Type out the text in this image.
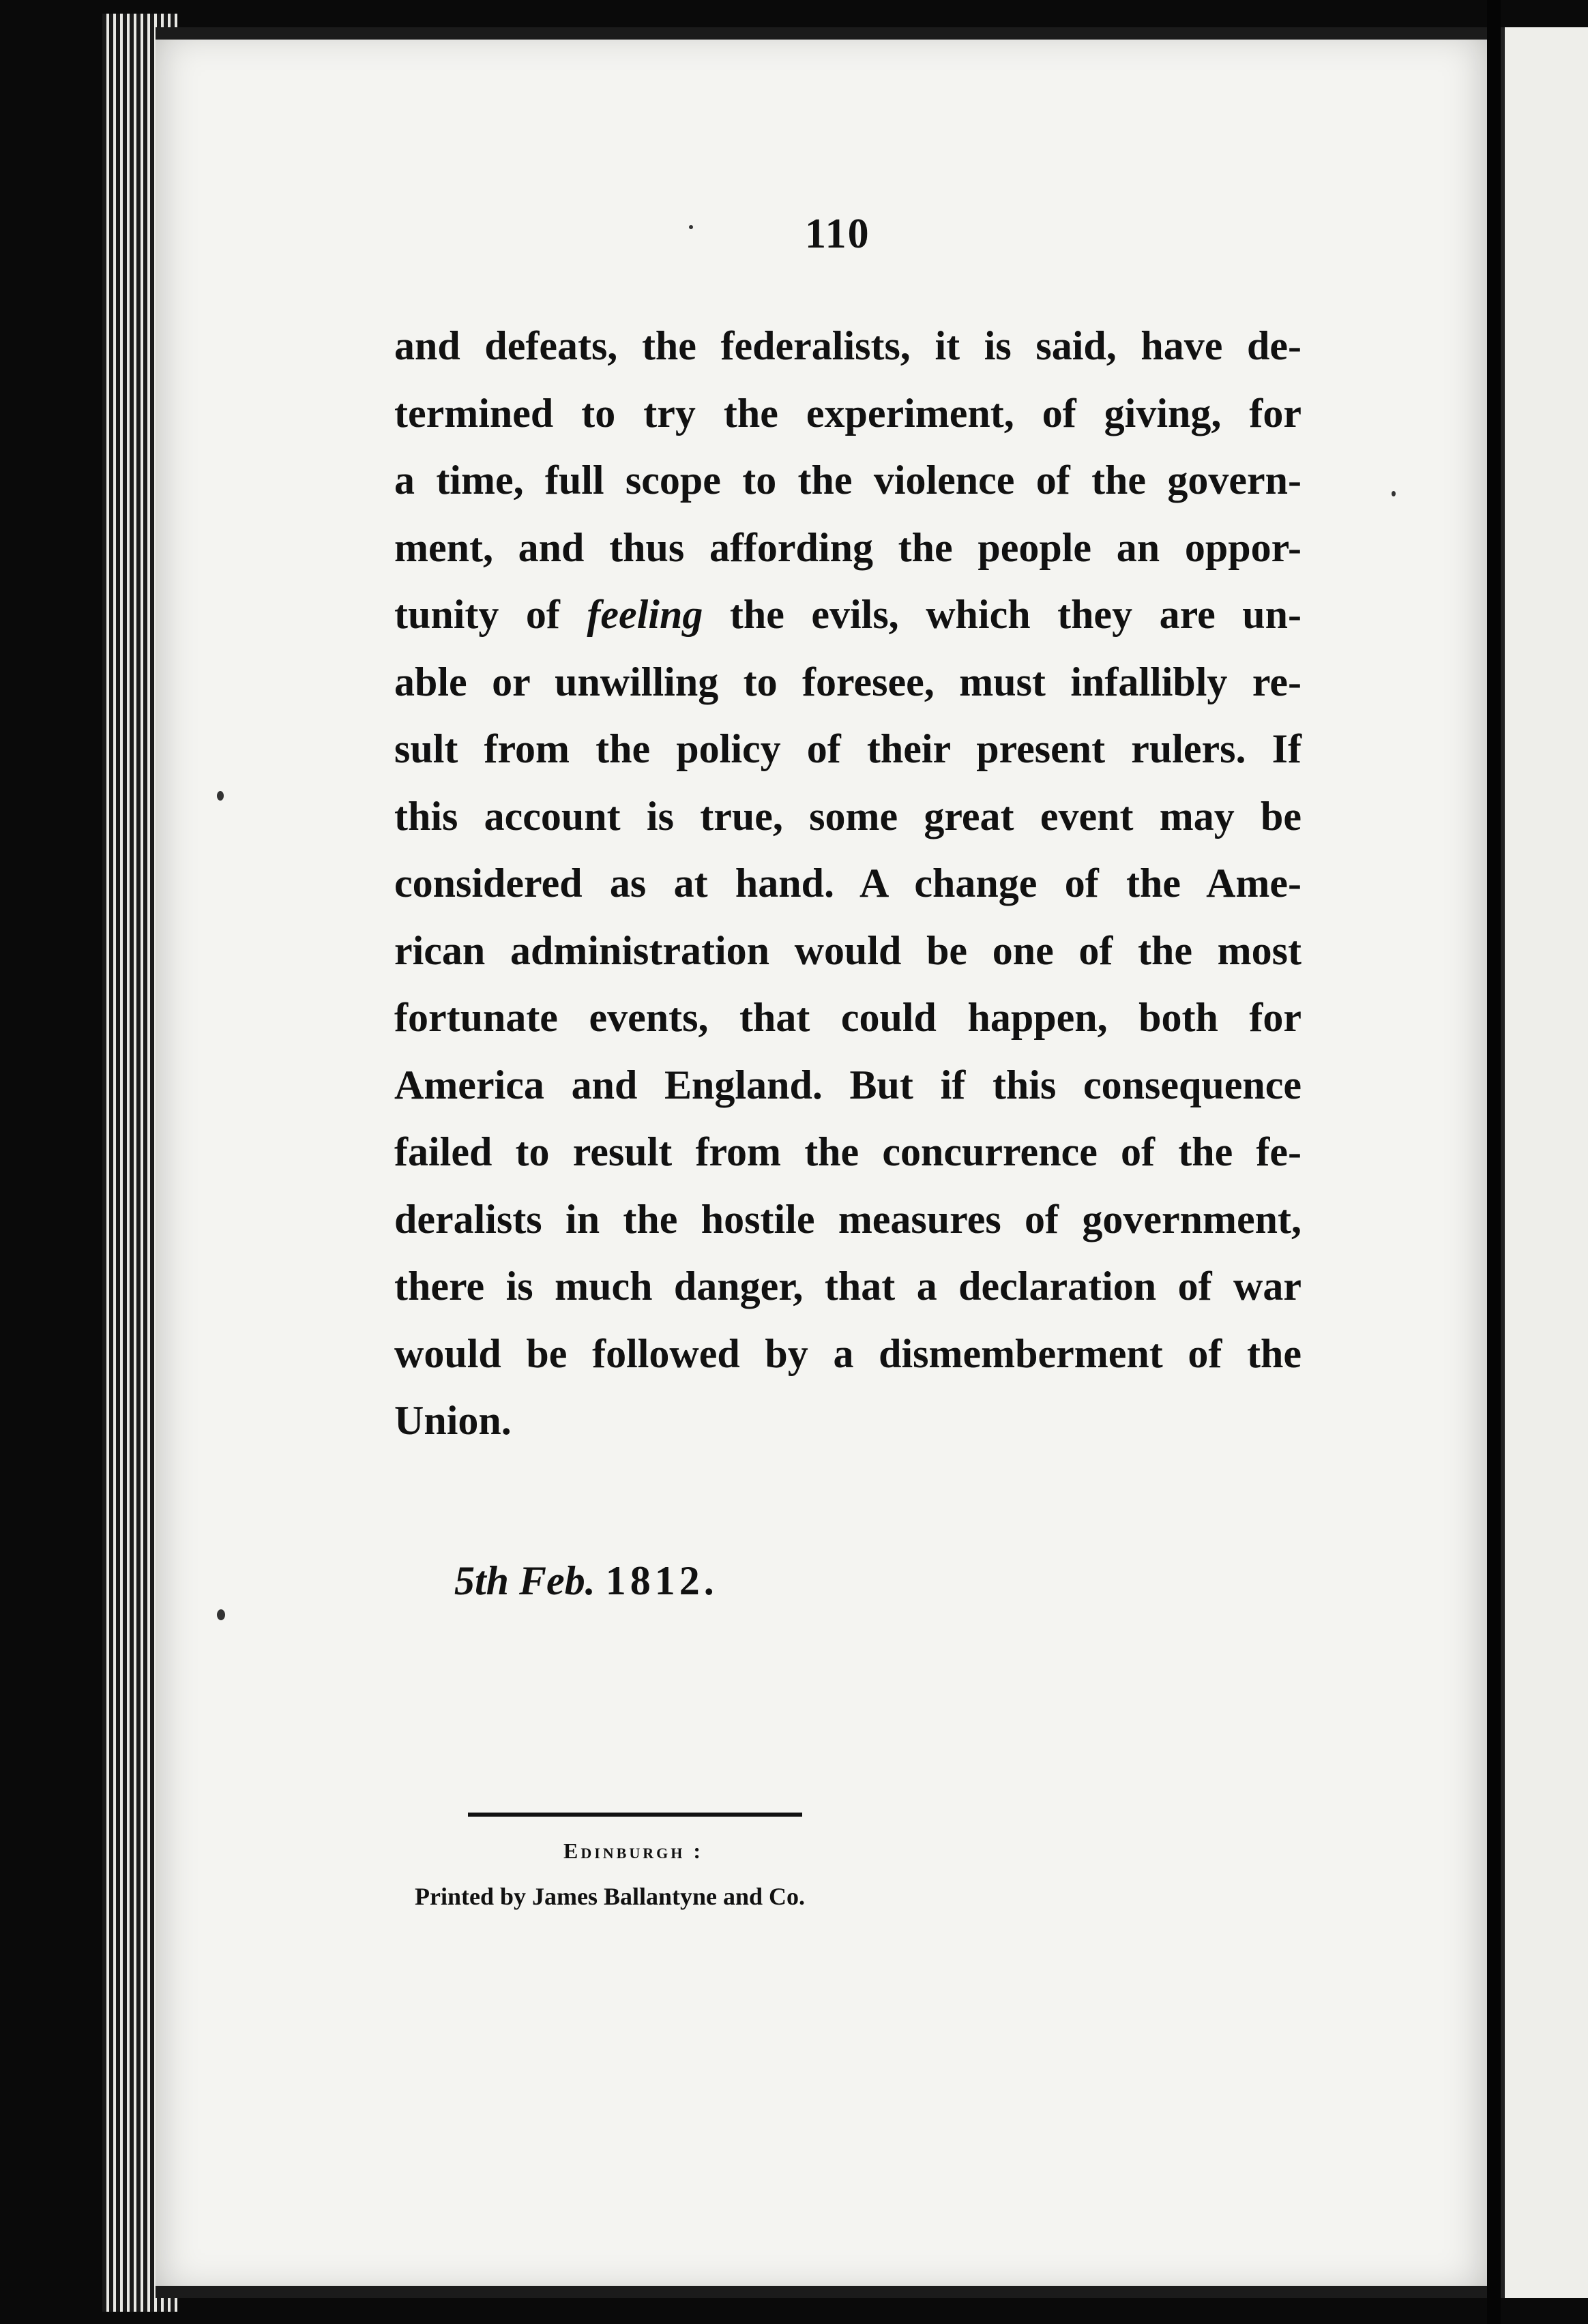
110

and defeats, the federalists, it is said, have de-
termined to try the experiment, of giving, for
a time, full scope to the violence of the govern-
ment, and thus affording the people an oppor-
tunity of feeling the evils, which they are un-
able or unwilling to foresee, must infallibly re-
sult from the policy of their present rulers. If
this account is true, some great event may be
considered as at hand. A change of the Ame-
rican administration would be one of the most
fortunate events, that could happen, both for
America and England. But if this consequence
failed to result from the concurrence of the fe-
deralists in the hostile measures of government,
there is much danger, that a declaration of war
would be followed by a dismemberment of the
Union.

5th Feb. 1812.
Edinburgh :
Printed by James Ballantyne and Co.
